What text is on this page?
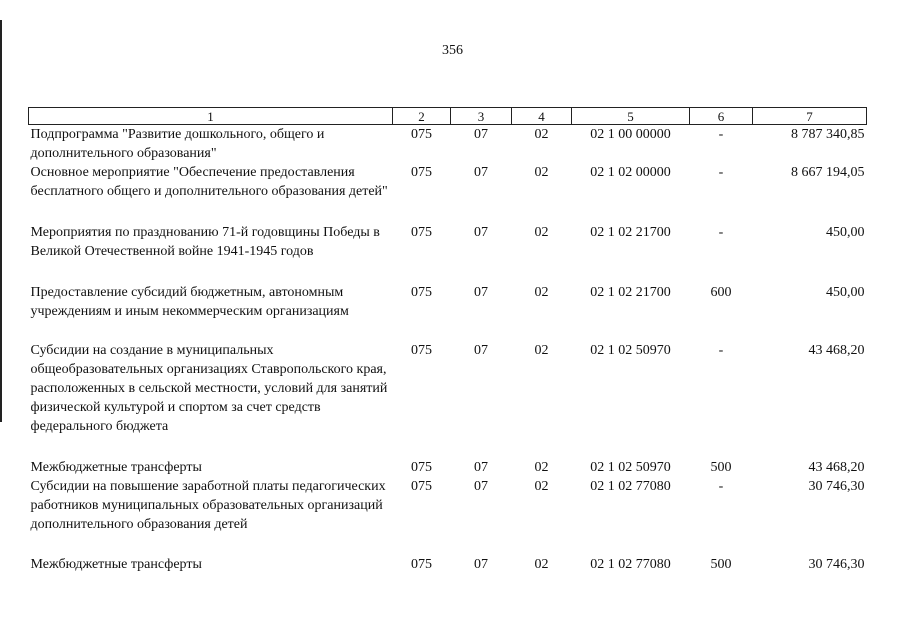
356
1	2	3	4	5	6	7
Подпрограмма "Развитие дошкольного, общего и дополнительного образования"	075	07	02	02 1 00 00000	-	8 787 340,85
Основное мероприятие "Обеспечение предоставления бесплатного общего и дополнительного образования детей"	075	07	02	02 1 02 00000	-	8 667 194,05
Мероприятия по празднованию 71-й годовщины Победы в Великой Отечественной войне 1941-1945 годов	075	07	02	02 1 02 21700	-	450,00
Предоставление субсидий бюджетным, автономным учреждениям и иным некоммерческим организациям	075	07	02	02 1 02 21700	600	450,00
Субсидии на создание в муниципальных общеобразовательных организациях Ставропольского края, расположенных в сельской местности, условий для занятий физической культурой и спортом за счет средств федерального бюджета	075	07	02	02 1 02 50970	-	43 468,20
Межбюджетные трансферты	075	07	02	02 1 02 50970	500	43 468,20
Субсидии на повышение заработной платы педагогических работников муниципальных образовательных организаций дополнительного образования детей	075	07	02	02 1 02 77080	-	30 746,30
Межбюджетные трансферты	075	07	02	02 1 02 77080	500	30 746,30
